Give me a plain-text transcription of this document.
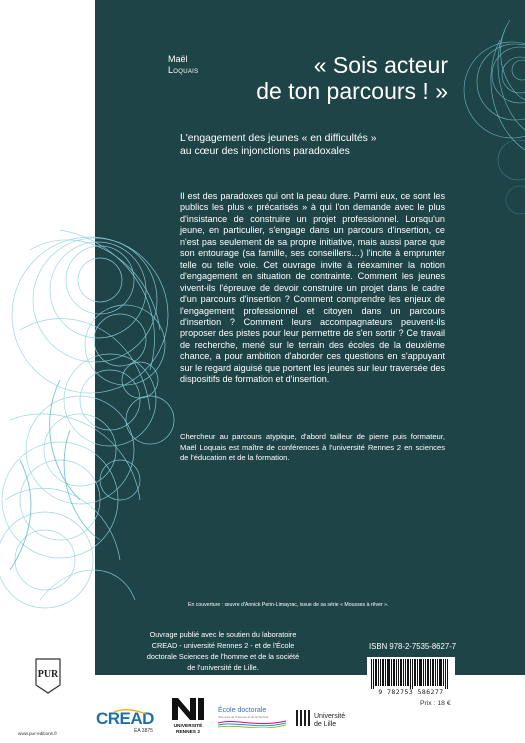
Maël
Loquais	« Sois acteur
de ton parcours ! »
L'engagement des jeunes « en difficultés »
au cœur des injonctions paradoxales

Il est des paradoxes qui ont la peau dure. Parmi eux, ce sont les publics les plus « précarisés » à qui l'on demande avec le plus d'insistance de construire un projet professionnel. Lorsqu'un jeune, en particulier, s'engage dans un parcours d'insertion, ce n'est pas seulement de sa propre initiative, mais aussi parce que son entourage (sa famille, ses conseillers…) l'incite à emprunter telle ou telle voie. Cet ouvrage invite à réexaminer la notion d'engagement en situation de contrainte. Comment les jeunes vivent-ils l'épreuve de devoir construire un projet dans le cadre d'un parcours d'insertion ? Comment comprendre les enjeux de l'engagement professionnel et citoyen dans un parcours d'insertion ? Comment leurs accompagnateurs peuvent-ils proposer des pistes pour leur permettre de s'en sortir ? Ce travail de recherche, mené sur le terrain des écoles de la deuxième chance, a pour ambition d'aborder ces questions en s'appuyant sur le regard aiguisé que portent les jeunes sur leur traversée des dispositifs de formation et d'insertion.

Chercheur au parcours atypique, d'abord tailleur de pierre puis formateur, Maël Loquais est maître de conférences à l'université Rennes 2 en sciences de l'éducation et de la formation.

En couverture : œuvre d'Annick Perin-Limayrac, issue de sa série « Mousses à rêver ».

Ouvrage publié avec le soutien du laboratoire
CREAD - université Rennes 2 - et de l'École
doctorale Sciences de l'homme et de la société
de l'université de Lille.
ISBN 978-2-7535-8627-7
9 782753 586277
Prix : 18 €
PUR
www.pur-editions.fr
CREAD
EA 3875
UNIVERSITÉ
RENNES 2
École doctorale
Sciences de l'Homme et de la Société	Université
de Lille
